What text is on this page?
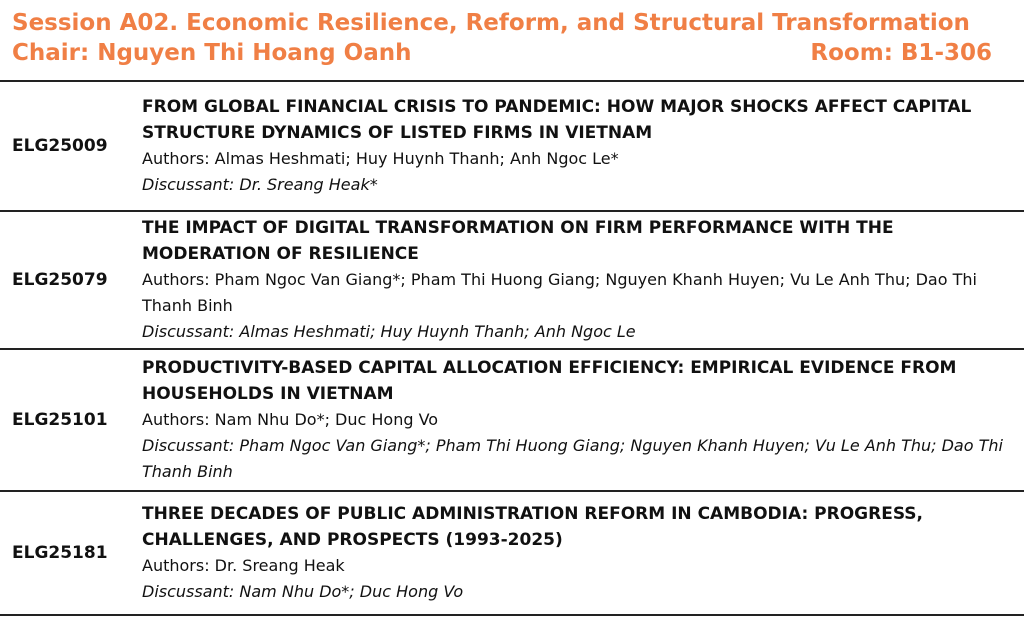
Session A02. Economic Resilience, Reform, and Structural Transformation
Chair: Nguyen Thi Hoang Oanh	Room: B1-306
ELG25009
FROM GLOBAL FINANCIAL CRISIS TO PANDEMIC: HOW MAJOR SHOCKS AFFECT CAPITAL STRUCTURE DYNAMICS OF LISTED FIRMS IN VIETNAM
Authors: Almas Heshmati; Huy Huynh Thanh; Anh Ngoc Le*
Discussant: Dr. Sreang Heak*
ELG25079
THE IMPACT OF DIGITAL TRANSFORMATION ON FIRM PERFORMANCE WITH THE MODERATION OF RESILIENCE
Authors: Pham Ngoc Van Giang*; Pham Thi Huong Giang; Nguyen Khanh Huyen; Vu Le Anh Thu; Dao Thi Thanh Binh
Discussant: Almas Heshmati; Huy Huynh Thanh; Anh Ngoc Le
ELG25101
PRODUCTIVITY-BASED CAPITAL ALLOCATION EFFICIENCY: EMPIRICAL EVIDENCE FROM HOUSEHOLDS IN VIETNAM
Authors: Nam Nhu Do*; Duc Hong Vo
Discussant: Pham Ngoc Van Giang*; Pham Thi Huong Giang; Nguyen Khanh Huyen; Vu Le Anh Thu; Dao Thi Thanh Binh
ELG25181
THREE DECADES OF PUBLIC ADMINISTRATION REFORM IN CAMBODIA: PROGRESS, CHALLENGES, AND PROSPECTS (1993-2025)
Authors: Dr. Sreang Heak
Discussant: Nam Nhu Do*; Duc Hong Vo
